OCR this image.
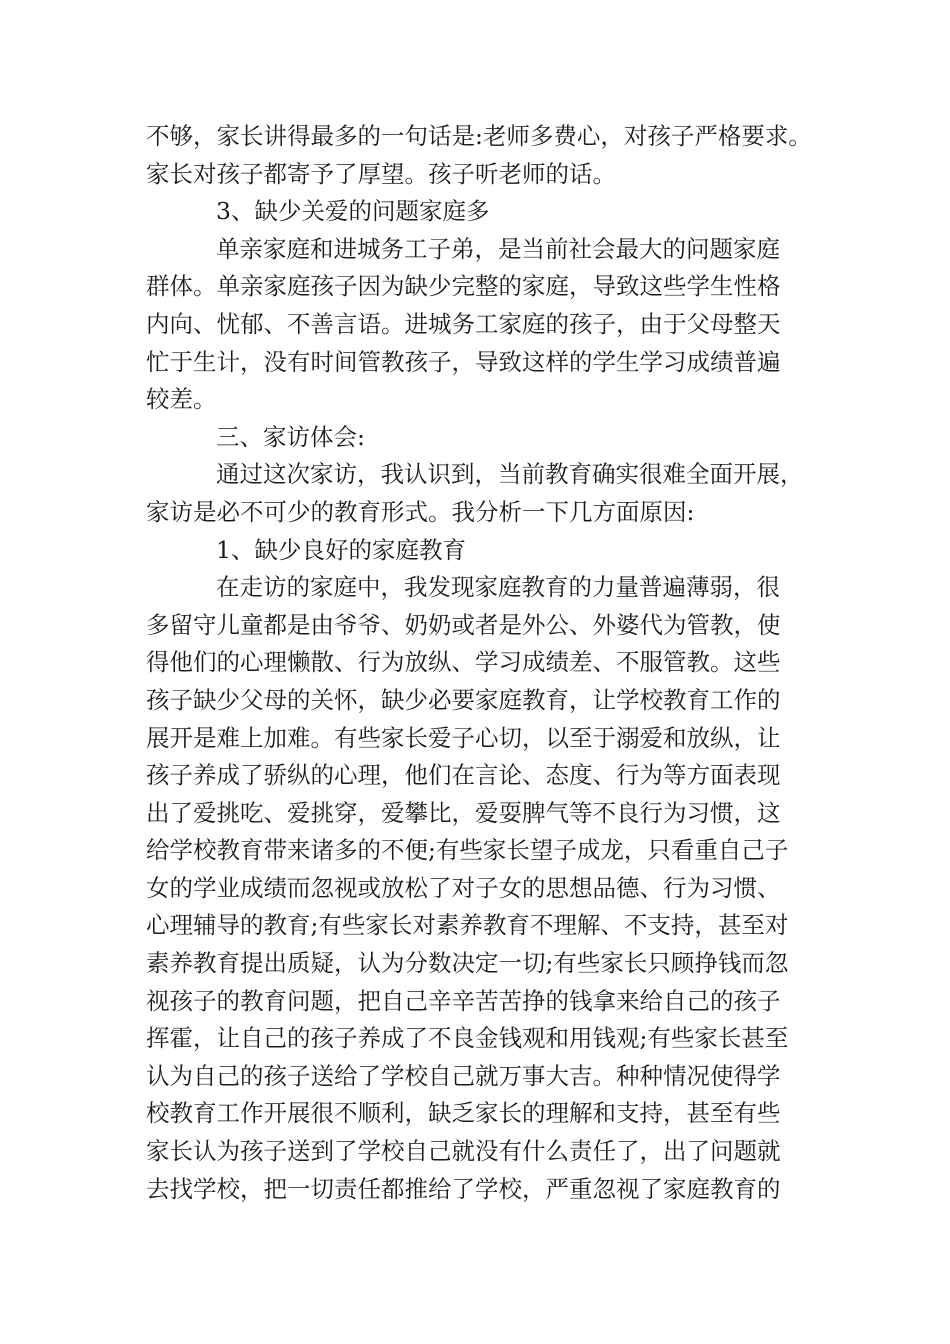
不够，家长讲得最多的一句话是:老师多费心，对孩子严格要求。
家长对孩子都寄予了厚望。孩子听老师的话。
3、缺少关爱的问题家庭多
单亲家庭和进城务工子弟，是当前社会最大的问题家庭
群体。单亲家庭孩子因为缺少完整的家庭，导致这些学生性格
内向、忧郁、不善言语。进城务工家庭的孩子，由于父母整天
忙于生计，没有时间管教孩子，导致这样的学生学习成绩普遍
较差。
三、家访体会:
通过这次家访，我认识到，当前教育确实很难全面开展，
家访是必不可少的教育形式。我分析一下几方面原因:
1、缺少良好的家庭教育
在走访的家庭中，我发现家庭教育的力量普遍薄弱，很
多留守儿童都是由爷爷、奶奶或者是外公、外婆代为管教，使
得他们的心理懒散、行为放纵、学习成绩差、不服管教。这些
孩子缺少父母的关怀，缺少必要家庭教育，让学校教育工作的
展开是难上加难。有些家长爱子心切，以至于溺爱和放纵，让
孩子养成了骄纵的心理，他们在言论、态度、行为等方面表现
出了爱挑吃、爱挑穿，爱攀比，爱耍脾气等不良行为习惯，这
给学校教育带来诸多的不便;有些家长望子成龙，只看重自己子
女的学业成绩而忽视或放松了对子女的思想品德、行为习惯、
心理辅导的教育;有些家长对素养教育不理解、不支持，甚至对
素养教育提出质疑，认为分数决定一切;有些家长只顾挣钱而忽
视孩子的教育问题，把自己辛辛苦苦挣的钱拿来给自己的孩子
挥霍，让自己的孩子养成了不良金钱观和用钱观;有些家长甚至
认为自己的孩子送给了学校自己就万事大吉。种种情况使得学
校教育工作开展很不顺利，缺乏家长的理解和支持，甚至有些
家长认为孩子送到了学校自己就没有什么责任了，出了问题就
去找学校，把一切责任都推给了学校，严重忽视了家庭教育的
